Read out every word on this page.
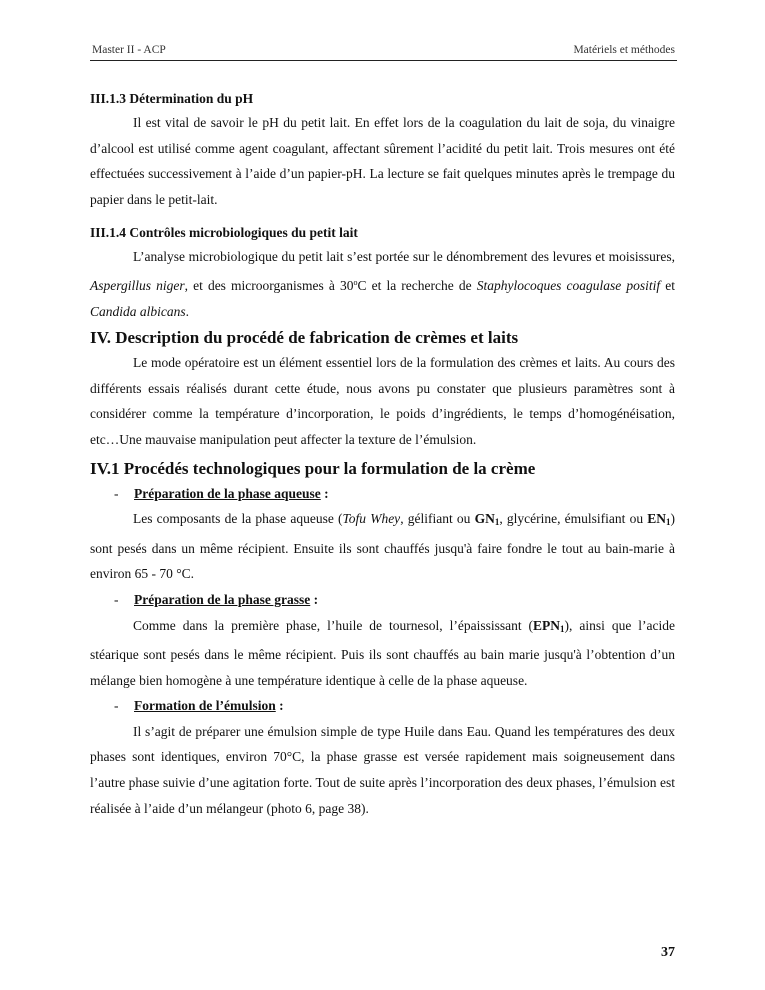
Master II - ACP	Matériels et méthodes
III.1.3 Détermination du pH

Il est vital de savoir le pH du petit lait. En effet lors de la coagulation du lait de soja, du vinaigre d’alcool est utilisé comme agent coagulant, affectant sûrement l’acidité du petit lait. Trois mesures ont été effectuées successivement à l’aide d’un papier-pH. La lecture se fait quelques minutes après le trempage du papier dans le petit-lait.

III.1.4 Contrôles microbiologiques du petit lait

L’analyse microbiologique du petit lait s’est portée sur le dénombrement des levures et moisissures, Aspergillus niger, et des microorganismes à 30$^o$C et la recherche de Staphylocoques coagulase positif et Candida albicans.

IV. Description du procédé de fabrication de crèmes et laits

Le mode opératoire est un élément essentiel lors de la formulation des crèmes et laits. Au cours des différents essais réalisés durant cette étude, nous avons pu constater que plusieurs paramètres sont à considérer comme la température d’incorporation, le poids d’ingrédients, le temps d’homogénéisation, etc…Une mauvaise manipulation peut affecter la texture de l’émulsion.

IV.1 Procédés technologiques pour la formulation de la crème
- Préparation de la phase aqueuse :

Les composants de la phase aqueuse (Tofu Whey, gélifiant ou $GN_1$, glycérine, émulsifiant ou $EN_1$) sont pesés dans un même récipient. Ensuite ils sont chauffés jusqu'à faire fondre le tout au bain-marie à environ 65 - 70 °C.

- Préparation de la phase grasse :

Comme dans la première phase, l’huile de tournesol, l’épaississant $(EPN_1)$, ainsi que l’acide stéarique sont pesés dans le même récipient. Puis ils sont chauffés au bain marie jusqu'à l’obtention d’un mélange bien homogène à une température identique à celle de la phase aqueuse.

- Formation de l’émulsion :

Il s’agit de préparer une émulsion simple de type Huile dans Eau. Quand les températures des deux phases sont identiques, environ 70°C, la phase grasse est versée rapidement mais soigneusement dans l’autre phase suivie d’une agitation forte. Tout de suite après l’incorporation des deux phases, l’émulsion est réalisée à l’aide d’un mélangeur (photo 6, page 38).

37
